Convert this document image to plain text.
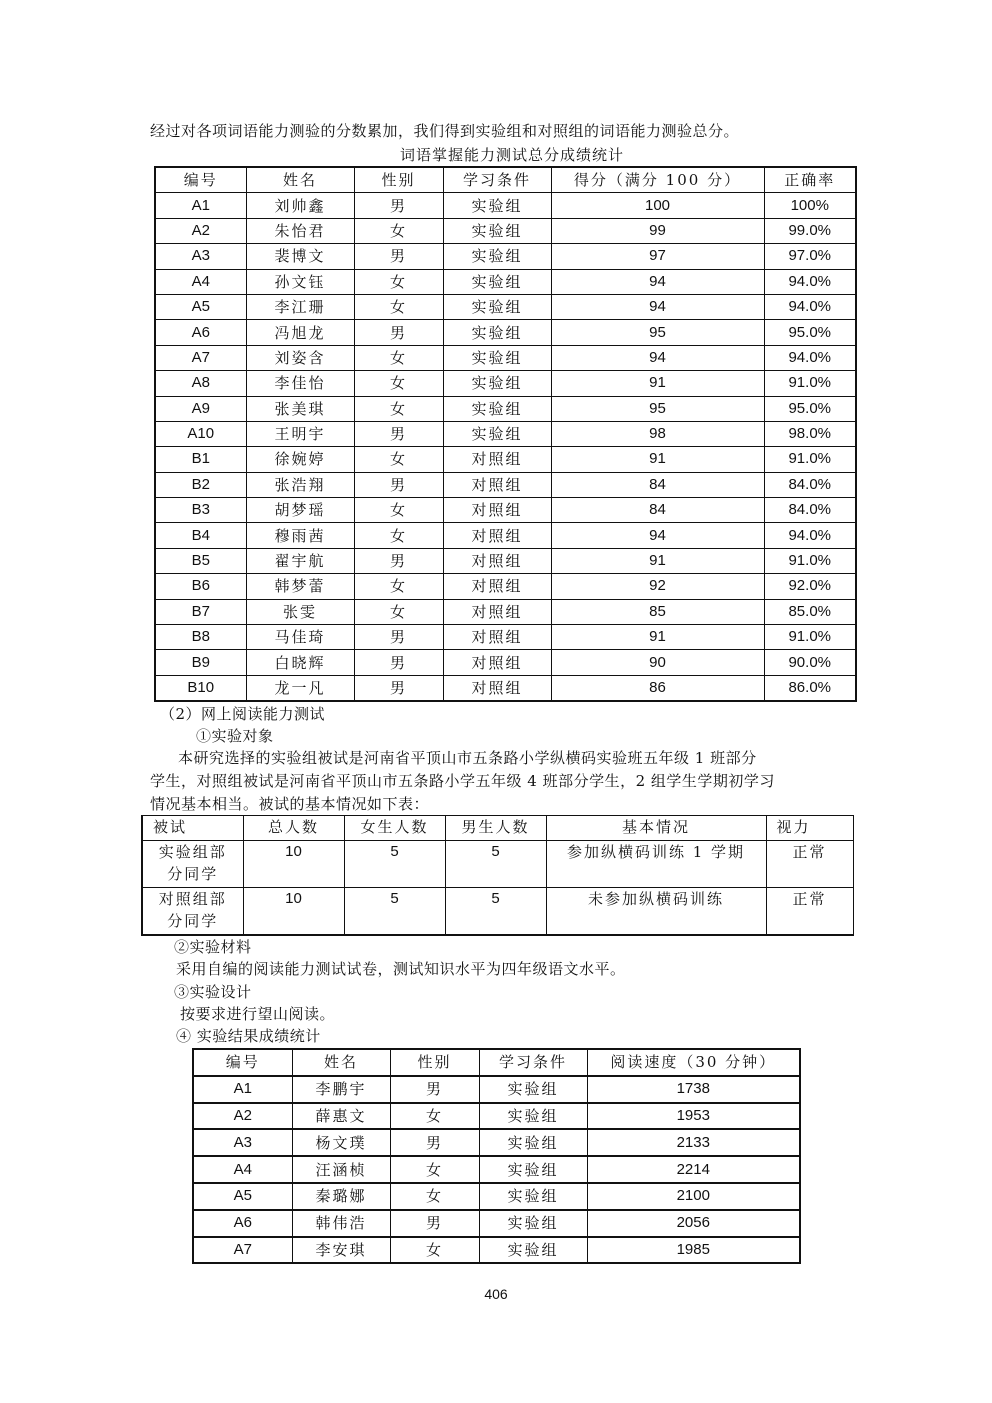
经过对各项词语能力测验的分数累加，我们得到实验组和对照组的词语能力测验总分。
词语掌握能力测试总分成绩统计
编号	姓名	性别	学习条件	得分（满分 100 分）	正确率
A1	刘帅鑫	男	实验组	100	100%
A2	朱怡君	女	实验组	99	99.0%
A3	裴博文	男	实验组	97	97.0%
A4	孙文钰	女	实验组	94	94.0%
A5	李江珊	女	实验组	94	94.0%
A6	冯旭龙	男	实验组	95	95.0%
A7	刘姿含	女	实验组	94	94.0%
A8	李佳怡	女	实验组	91	91.0%
A9	张美琪	女	实验组	95	95.0%
A10	王明宇	男	实验组	98	98.0%
B1	徐婉婷	女	对照组	91	91.0%
B2	张浩翔	男	对照组	84	84.0%
B3	胡梦瑶	女	对照组	84	84.0%
B4	穆雨茜	女	对照组	94	94.0%
B5	翟宇航	男	对照组	91	91.0%
B6	韩梦蕾	女	对照组	92	92.0%
B7	张雯	女	对照组	85	85.0%
B8	马佳琦	男	对照组	91	91.0%
B9	白晓辉	男	对照组	90	90.0%
B10	龙一凡	男	对照组	86	86.0%
（2）网上阅读能力测试
①实验对象
本研究选择的实验组被试是河南省平顶山市五条路小学纵横码实验班五年级 1 班部分
学生，对照组被试是河南省平顶山市五条路小学五年级 4 班部分学生，2 组学生学期初学习
情况基本相当。被试的基本情况如下表：
被试	总人数	女生人数	男生人数	基本情况	视力
实验组部
分同学	10	5	5	参加纵横码训练 1 学期	正常
对照组部
分同学	10	5	5	未参加纵横码训练	正常
②实验材料
采用自编的阅读能力测试试卷，测试知识水平为四年级语文水平。
③实验设计
按要求进行望山阅读。
④ 实验结果成绩统计
编号	姓名	性别	学习条件	阅读速度（30 分钟）
A1	李鹏宇	男	实验组	1738
A2	薛惠文	女	实验组	1953
A3	杨文璞	男	实验组	2133
A4	汪涵桢	女	实验组	2214
A5	秦璐娜	女	实验组	2100
A6	韩伟浩	男	实验组	2056
A7	李安琪	女	实验组	1985
406
